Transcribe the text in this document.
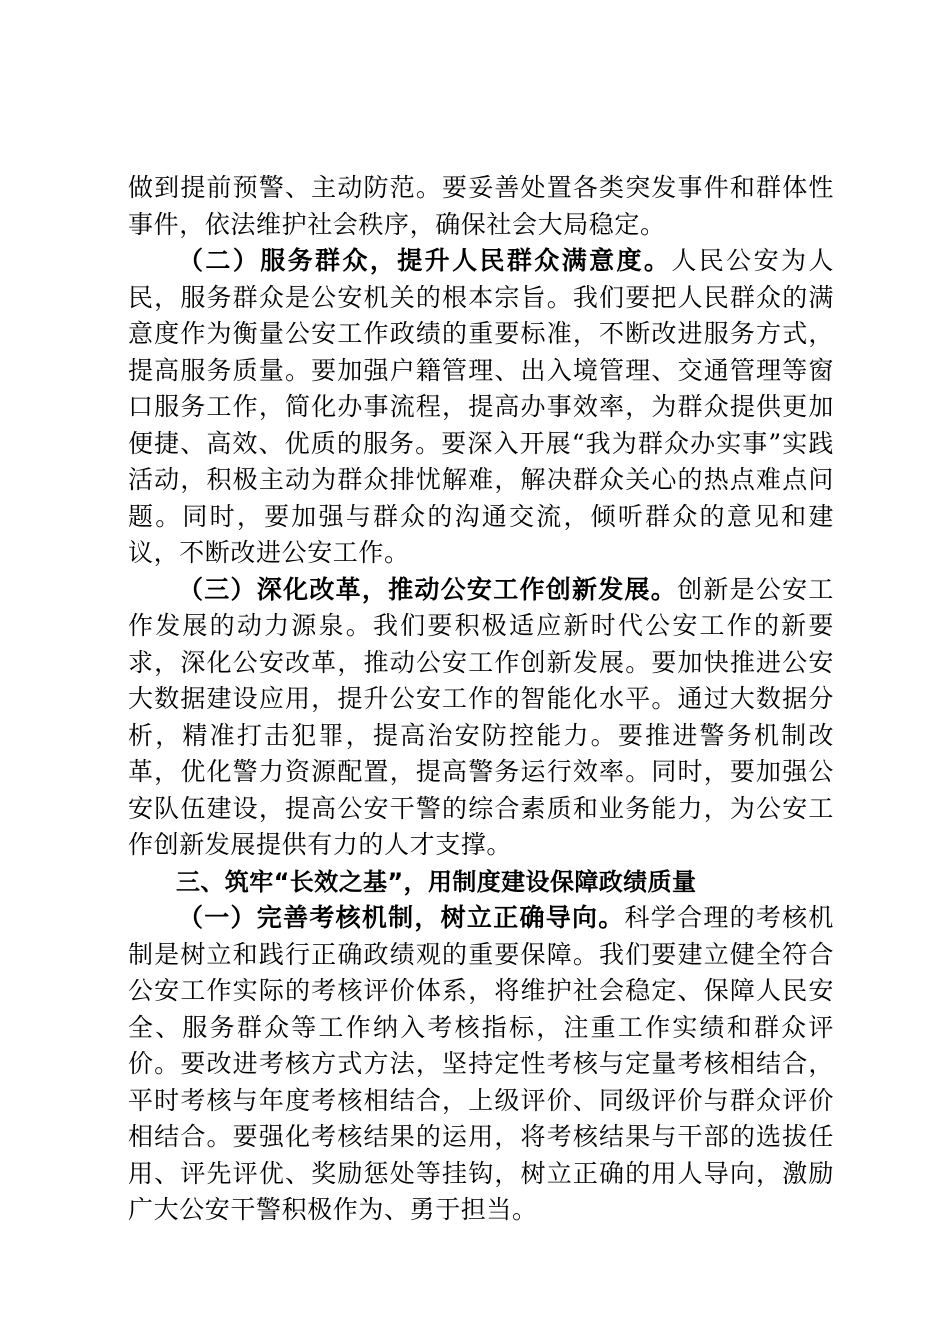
做到提前预警、主动防范。要妥善处置各类突发事件和群体性事件，依法维护社会秩序，确保社会大局稳定。

（二）服务群众，提升人民群众满意度。人民公安为人民，服务群众是公安机关的根本宗旨。我们要把人民群众的满意度作为衡量公安工作政绩的重要标准，不断改进服务方式，提高服务质量。要加强户籍管理、出入境管理、交通管理等窗口服务工作，简化办事流程，提高办事效率，为群众提供更加便捷、高效、优质的服务。要深入开展“我为群众办实事”实践活动，积极主动为群众排忧解难，解决群众关心的热点难点问题。同时，要加强与群众的沟通交流，倾听群众的意见和建议，不断改进公安工作。

（三）深化改革，推动公安工作创新发展。创新是公安工作发展的动力源泉。我们要积极适应新时代公安工作的新要求，深化公安改革，推动公安工作创新发展。要加快推进公安大数据建设应用，提升公安工作的智能化水平。通过大数据分析，精准打击犯罪，提高治安防控能力。要推进警务机制改革，优化警力资源配置，提高警务运行效率。同时，要加强公安队伍建设，提高公安干警的综合素质和业务能力，为公安工作创新发展提供有力的人才支撑。

三、筑牢“长效之基”，用制度建设保障政绩质量

（一）完善考核机制，树立正确导向。科学合理的考核机制是树立和践行正确政绩观的重要保障。我们要建立健全符合公安工作实际的考核评价体系，将维护社会稳定、保障人民安全、服务群众等工作纳入考核指标，注重工作实绩和群众评价。要改进考核方式方法，坚持定性考核与定量考核相结合，平时考核与年度考核相结合，上级评价、同级评价与群众评价相结合。要强化考核结果的运用，将考核结果与干部的选拔任用、评先评优、奖励惩处等挂钩，树立正确的用人导向，激励广大公安干警积极作为、勇于担当。
